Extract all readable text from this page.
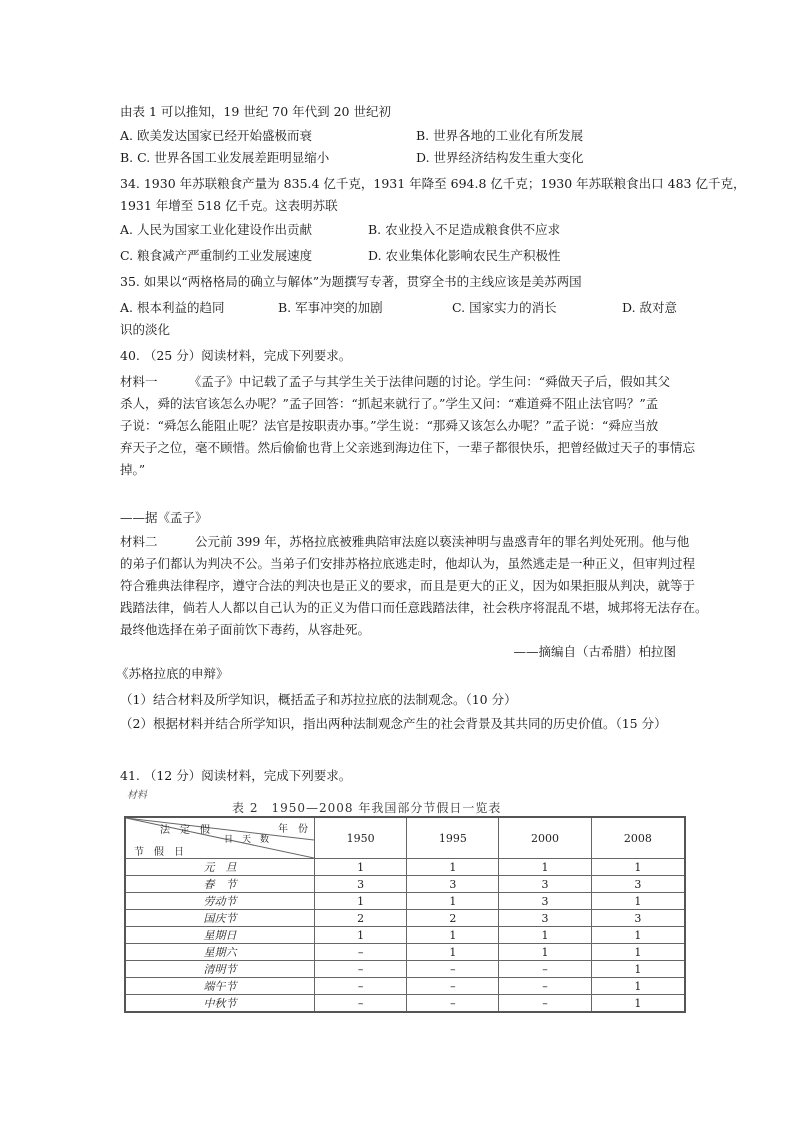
由表 1 可以推知，19 世纪 70 年代到 20 世纪初
A. 欧美发达国家已经开始盛极而衰	B. 世界各地的工业化有所发展
B. C. 世界各国工业发展差距明显缩小	D. 世界经济结构发生重大变化
34. 1930 年苏联粮食产量为 835.4 亿千克，1931 年降至 694.8 亿千克；1930 年苏联粮食出口 483 亿千克，
1931 年增至 518 亿千克。这表明苏联
A. 人民为国家工业化建设作出贡献	B. 农业投入不足造成粮食供不应求
C. 粮食减产严重制约工业发展速度	D. 农业集体化影响农民生产积极性
35. 如果以“两格格局的确立与解体”为题撰写专著，贯穿全书的主线应该是美苏两国
A. 根本利益的趋同	B. 军事冲突的加剧	C. 国家实力的消长	D. 敌对意
识的淡化
40. （25 分）阅读材料，完成下列要求。
材料一　　　《孟子》中记载了孟子与其学生关于法律问题的讨论。学生问：“舜做天子后，假如其父
杀人，舜的法官该怎么办呢？”孟子回答：“抓起来就行了。”学生又问：“难道舜不阻止法官吗？”孟
子说：“舜怎么能阻止呢？法官是按职责办事。”学生说：“那舜又该怎么办呢？”孟子说：“舜应当放
弃天子之位，毫不顾惜。然后偷偷也背上父亲逃到海边住下，一辈子都很快乐，把曾经做过天子的事情忘
掉。”
——据《孟子》
材料二　　　公元前 399 年，苏格拉底被雅典陪审法庭以亵渎神明与蛊惑青年的罪名判处死刑。他与他
的弟子们都认为判决不公。当弟子们安排苏格拉底逃走时，他却认为，虽然逃走是一种正义，但审判过程
符合雅典法律程序，遵守合法的判决也是正义的要求，而且是更大的正义，因为如果拒服从判决，就等于
践踏法律，倘若人人都以自己认为的正义为借口而任意践踏法律，社会秩序将混乱不堪，城邦将无法存在。
最终他选择在弟子面前饮下毒药，从容赴死。
——摘编自（古希腊）柏拉图
《苏格拉底的申辩》
（1）结合材料及所学知识，概括孟子和苏拉拉底的法制观念。（10 分）
（2）根据材料并结合所学知识，指出两种法制观念产生的社会背景及其共同的历史价值。（15 分）
41. （12 分）阅读材料，完成下列要求。
材料
表 2　1950—2008 年我国部分节假日一览表
法　定　假 年　份
日　天　数
节　假　日	1950	1995	2000	2008
元　旦	1	1	1	1
春　节	3	3	3	3
劳动节	1	1	3	1
国庆节	2	2	3	3
星期日	1	1	1	1
星期六	–	1	1	1
清明节	–	–	–	1
端午节	–	–	–	1
中秋节	–	–	–	1
